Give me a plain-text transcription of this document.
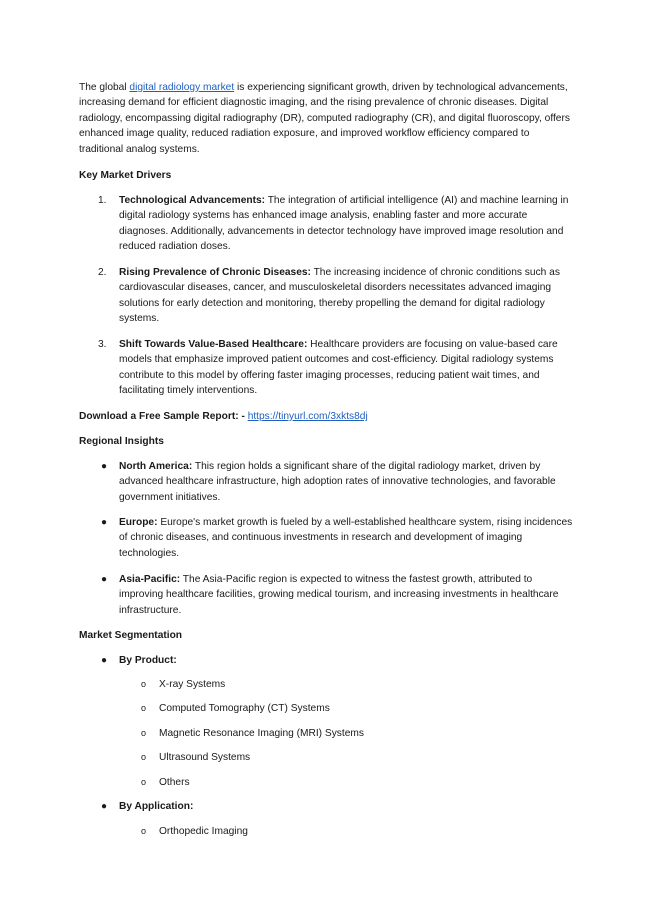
The global digital radiology market is experiencing significant growth, driven by technological advancements, increasing demand for efficient diagnostic imaging, and the rising prevalence of chronic diseases. Digital radiology, encompassing digital radiography (DR), computed radiography (CR), and digital fluoroscopy, offers enhanced image quality, reduced radiation exposure, and improved workflow efficiency compared to traditional analog systems.

Key Market Drivers

1. Technological Advancements: The integration of artificial intelligence (AI) and machine learning in digital radiology systems has enhanced image analysis, enabling faster and more accurate diagnoses. Additionally, advancements in detector technology have improved image resolution and reduced radiation doses.

2. Rising Prevalence of Chronic Diseases: The increasing incidence of chronic conditions such as cardiovascular diseases, cancer, and musculoskeletal disorders necessitates advanced imaging solutions for early detection and monitoring, thereby propelling the demand for digital radiology systems.

3. Shift Towards Value-Based Healthcare: Healthcare providers are focusing on value-based care models that emphasize improved patient outcomes and cost-efficiency. Digital radiology systems contribute to this model by offering faster imaging processes, reducing patient wait times, and facilitating timely interventions.

Download a Free Sample Report: - https://tinyurl.com/3xkts8dj

Regional Insights

● North America: This region holds a significant share of the digital radiology market, driven by advanced healthcare infrastructure, high adoption rates of innovative technologies, and favorable government initiatives.

● Europe: Europe's market growth is fueled by a well-established healthcare system, rising incidences of chronic diseases, and continuous investments in research and development of imaging technologies.

● Asia-Pacific: The Asia-Pacific region is expected to witness the fastest growth, attributed to improving healthcare facilities, growing medical tourism, and increasing investments in healthcare infrastructure.

Market Segmentation

● By Product:

o X-ray Systems

o Computed Tomography (CT) Systems

o Magnetic Resonance Imaging (MRI) Systems

o Ultrasound Systems

o Others

● By Application:

o Orthopedic Imaging
